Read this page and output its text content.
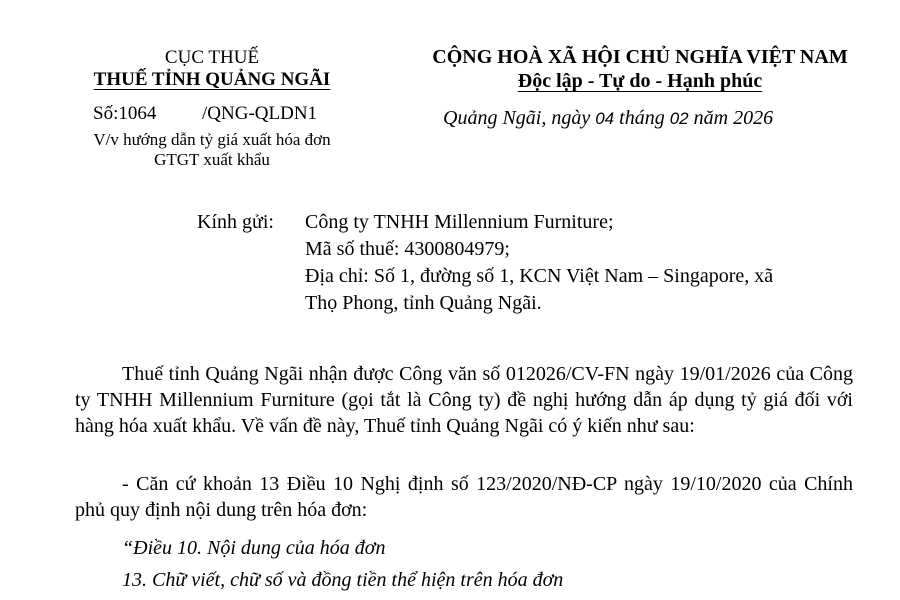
CỤC THUẾ
THUẾ TỈNH QUẢNG NGÃI
Số:1064 /QNG-QLDN1
V/v hướng dẫn tỷ giá xuất hóa đơn
GTGT xuất khẩu
CỘNG HOÀ XÃ HỘI CHỦ NGHĨA VIỆT NAM
Độc lập - Tự do - Hạnh phúc
Quảng Ngãi, ngày 04 tháng 02 năm 2026
Kính gửi: Công ty TNHH Millennium Furniture;
Mã số thuế: 4300804979;
Địa chỉ: Số 1, đường số 1, KCN Việt Nam – Singapore, xã
Thọ Phong, tỉnh Quảng Ngãi.
Thuế tỉnh Quảng Ngãi nhận được Công văn số 012026/CV-FN ngày 19/01/2026 của Công ty TNHH Millennium Furniture (gọi tắt là Công ty) đề nghị hướng dẫn áp dụng tỷ giá đối với hàng hóa xuất khẩu. Về vấn đề này, Thuế tỉnh Quảng Ngãi có ý kiến như sau:
- Căn cứ khoản 13 Điều 10 Nghị định số 123/2020/NĐ-CP ngày 19/10/2020 của Chính phủ quy định nội dung trên hóa đơn:
“Điều 10. Nội dung của hóa đơn
13. Chữ viết, chữ số và đồng tiền thể hiện trên hóa đơn
